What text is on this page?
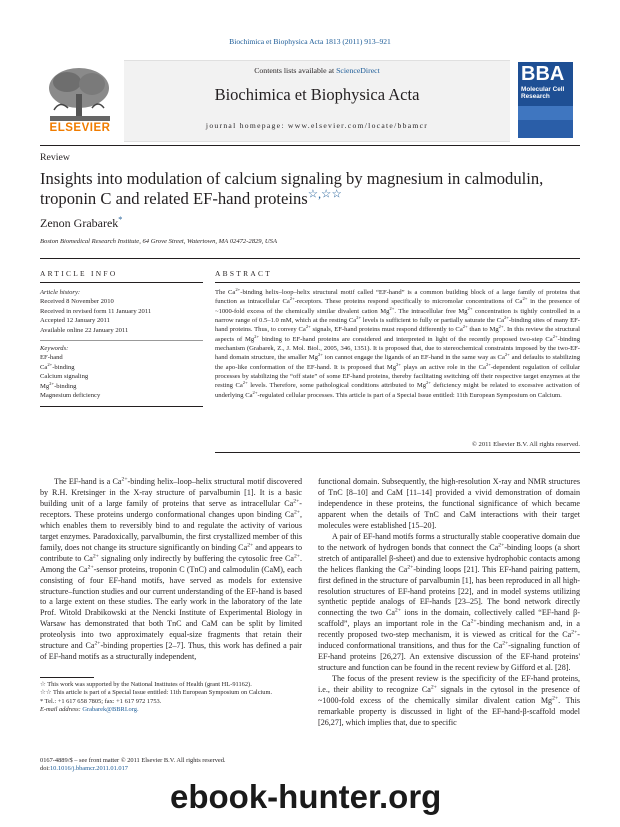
Biochimica et Biophysica Acta 1813 (2011) 913–921
ELSEVIER
Contents lists available at ScienceDirect
Biochimica et Biophysica Acta
journal homepage: www.elsevier.com/locate/bbamcr
BBA
Molecular Cell Research
Review
Insights into modulation of calcium signaling by magnesium in calmodulin,
troponin C and related EF-hand proteins☆,☆☆
Zenon Grabarek*
Boston Biomedical Research Institute, 64 Grove Street, Watertown, MA 02472-2829, USA
ARTICLE INFO
Article history:
Received 8 November 2010
Received in revised form 11 January 2011
Accepted 12 January 2011
Available online 22 January 2011
Keywords:
EF-hand
$Ca^{2+}$-binding
Calcium signaling
$Mg^{2+}$-binding
Magnesium deficiency
ABSTRACT
The $Ca^{2+}$-binding helix–loop–helix structural motif called “EF-hand” is a common building block of a large family of proteins that function as intracellular $Ca^{2+}$-receptors. These proteins respond specifically to micromolar concentrations of $Ca^{2+}$ in the presence of ~1000-fold excess of the chemically similar divalent cation $Mg^{2+}$. The intracellular free $Mg^{2+}$ concentration is tightly controlled in a narrow range of 0.5–1.0 mM, which at the resting $Ca^{2+}$ levels is sufficient to fully or partially saturate the $Ca^{2+}$-binding sites of many EF-hand proteins. Thus, to convey $Ca^{2+}$ signals, EF-hand proteins must respond differently to $Ca^{2+}$ than to $Mg^{2+}$. In this review the structural aspects of $Mg^{2+}$ binding to EF-hand proteins are considered and interpreted in light of the recently proposed two-step $Ca^{2+}$-binding mechanism (Grabarek, Z., J. Mol. Biol., 2005, 346, 1351). It is proposed that, due to stereochemical constraints imposed by the two-EF-hand domain structure, the smaller $Mg^{2+}$ ion cannot engage the ligands of an EF-hand in the same way as $Ca^{2+}$ and defaults to stabilizing the apo-like conformation of the EF-hand. It is proposed that $Mg^{2+}$ plays an active role in the $Ca^{2+}$-dependent regulation of cellular processes by stabilizing the “off state” of some EF-hand proteins, thereby facilitating switching off their respective target enzymes at the resting $Ca^{2+}$ levels. Therefore, some pathological conditions attributed to $Mg^{2+}$ deficiency might be related to excessive activation of underlying $Ca^{2+}$-regulated cellular processes. This article is part of a Special Issue entitled: 11th European Symposium on Calcium.
© 2011 Elsevier B.V. All rights reserved.

The EF-hand is a $Ca^{2+}$-binding helix–loop–helix structural motif discovered by R.H. Kretsinger in the X-ray structure of parvalbumin [1]. It is a basic building unit of a large family of proteins that serve as intracellular $Ca^{2+}$-receptors. These proteins undergo conformational changes upon binding $Ca^{2+}$, which enables them to reversibly bind to and regulate the activity of various target enzymes. Paradoxically, parvalbumin, the first crystallized member of this family, does not change its structure significantly on binding $Ca^{2+}$ and appears to contribute to $Ca^{2+}$ signaling only indirectly by buffering the cytosolic free $Ca^{2+}$. Among the $Ca^{2+}$-sensor proteins, troponin C (TnC) and calmodulin (CaM), each consisting of four EF-hand motifs, have served as models for extensive structure–function studies and our current understanding of the EF-hand is based to a large extent on these studies. The early work in the laboratory of the late Prof. Witold Drabikowski at the Nencki Institute of Experimental Biology in Warsaw has demonstrated that both TnC and CaM can be split by limited proteolysis into two approximately equal-size fragments that retain their structure and $Ca^{2+}$-binding properties [2–7]. Thus, this work has defined a pair of EF-hand motifs as a structurally independent,

functional domain. Subsequently, the high-resolution X-ray and NMR structures of TnC [8–10] and CaM [11–14] provided a vivid demonstration of domain independence in these proteins, the functional significance of which became apparent when the details of TnC and CaM interactions with their target molecules were established [15–20].

A pair of EF-hand motifs forms a structurally stable cooperative domain due to the network of hydrogen bonds that connect the $Ca^{2+}$-binding loops (a short stretch of antiparallel β-sheet) and due to extensive hydrophobic contacts among the helices flanking the $Ca^{2+}$-binding loops [21]. This EF-hand pairing pattern, first defined in the structure of parvalbumin [1], has been reproduced in all high-resolution structures of EF-hand proteins [22], and in model systems utilizing synthetic peptide analogs of EF-hands [23–25]. The bond network directly connecting the two $Ca^{2+}$ ions in the domain, collectively called “EF-hand β-scaffold”, plays an important role in the $Ca^{2+}$-binding mechanism and, in a recently proposed two-step mechanism, it is viewed as critical for the $Ca^{2+}$-induced conformational transitions, and thus for the $Ca^{2+}$-signaling function of EF-hand proteins [26,27]. An extensive discussion of the EF-hand proteins' structure and function can be found in the recent review by Gifford et al. [28].

The focus of the present review is the specificity of the EF-hand proteins, i.e., their ability to recognize $Ca^{2+}$ signals in the cytosol in the presence of ~1000-fold excess of the chemically similar divalent cation $Mg^{2+}$. This remarkable property is discussed in light of the EF-hand-β-scaffold model [26,27], which implies that, due to specific

☆ This work was supported by the National Institutes of Health (grant HL-91162).

☆☆ This article is part of a Special Issue entitled: 11th European Symposium on Calcium.

* Tel.: +1 617 658 7805; fax: +1 617 972 1753.

E-mail address: Grabarek@BBRI.org.

0167-4889/$ – see front matter © 2011 Elsevier B.V. All rights reserved.
doi:10.1016/j.bbamcr.2011.01.017
ebook-hunter.org
